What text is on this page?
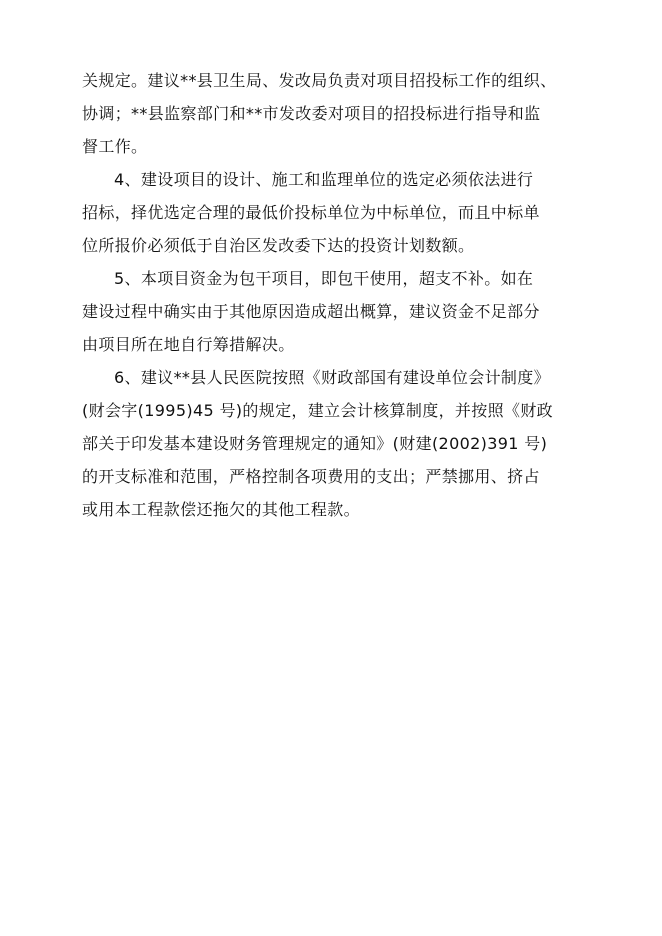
关规定。建议**县卫生局、发改局负责对项目招投标工作的组织、
协调；**县监察部门和**市发改委对项目的招投标进行指导和监
督工作。
4、建设项目的设计、施工和监理单位的选定必须依法进行
招标，择优选定合理的最低价投标单位为中标单位，而且中标单
位所报价必须低于自治区发改委下达的投资计划数额。
5、本项目资金为包干项目，即包干使用，超支不补。如在
建设过程中确实由于其他原因造成超出概算，建议资金不足部分
由项目所在地自行筹措解决。
6、建议**县人民医院按照《财政部国有建设单位会计制度》
(财会字(1995)45 号)的规定，建立会计核算制度，并按照《财政
部关于印发基本建设财务管理规定的通知》(财建(2002)391 号)
的开支标准和范围，严格控制各项费用的支出；严禁挪用、挤占
或用本工程款偿还拖欠的其他工程款。
